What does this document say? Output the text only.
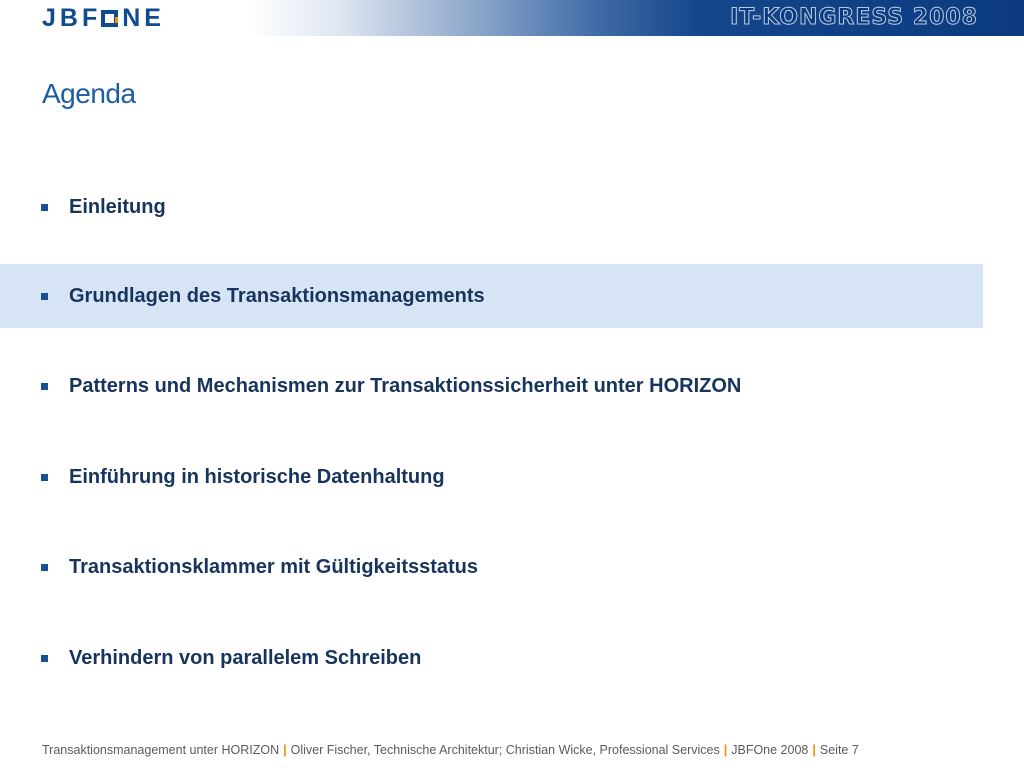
JBF NE	IT-KONGRESS 2008
Agenda
Einleitung
Grundlagen des Transaktionsmanagements
Patterns und Mechanismen zur Transaktionssicherheit unter HORIZON
Einführung in historische Datenhaltung
Transaktionsklammer mit Gültigkeitsstatus
Verhindern von parallelem Schreiben
Transaktionsmanagement unter HORIZON | Oliver Fischer, Technische Architektur; Christian Wicke, Professional Services | JBFOne 2008 | Seite 7
